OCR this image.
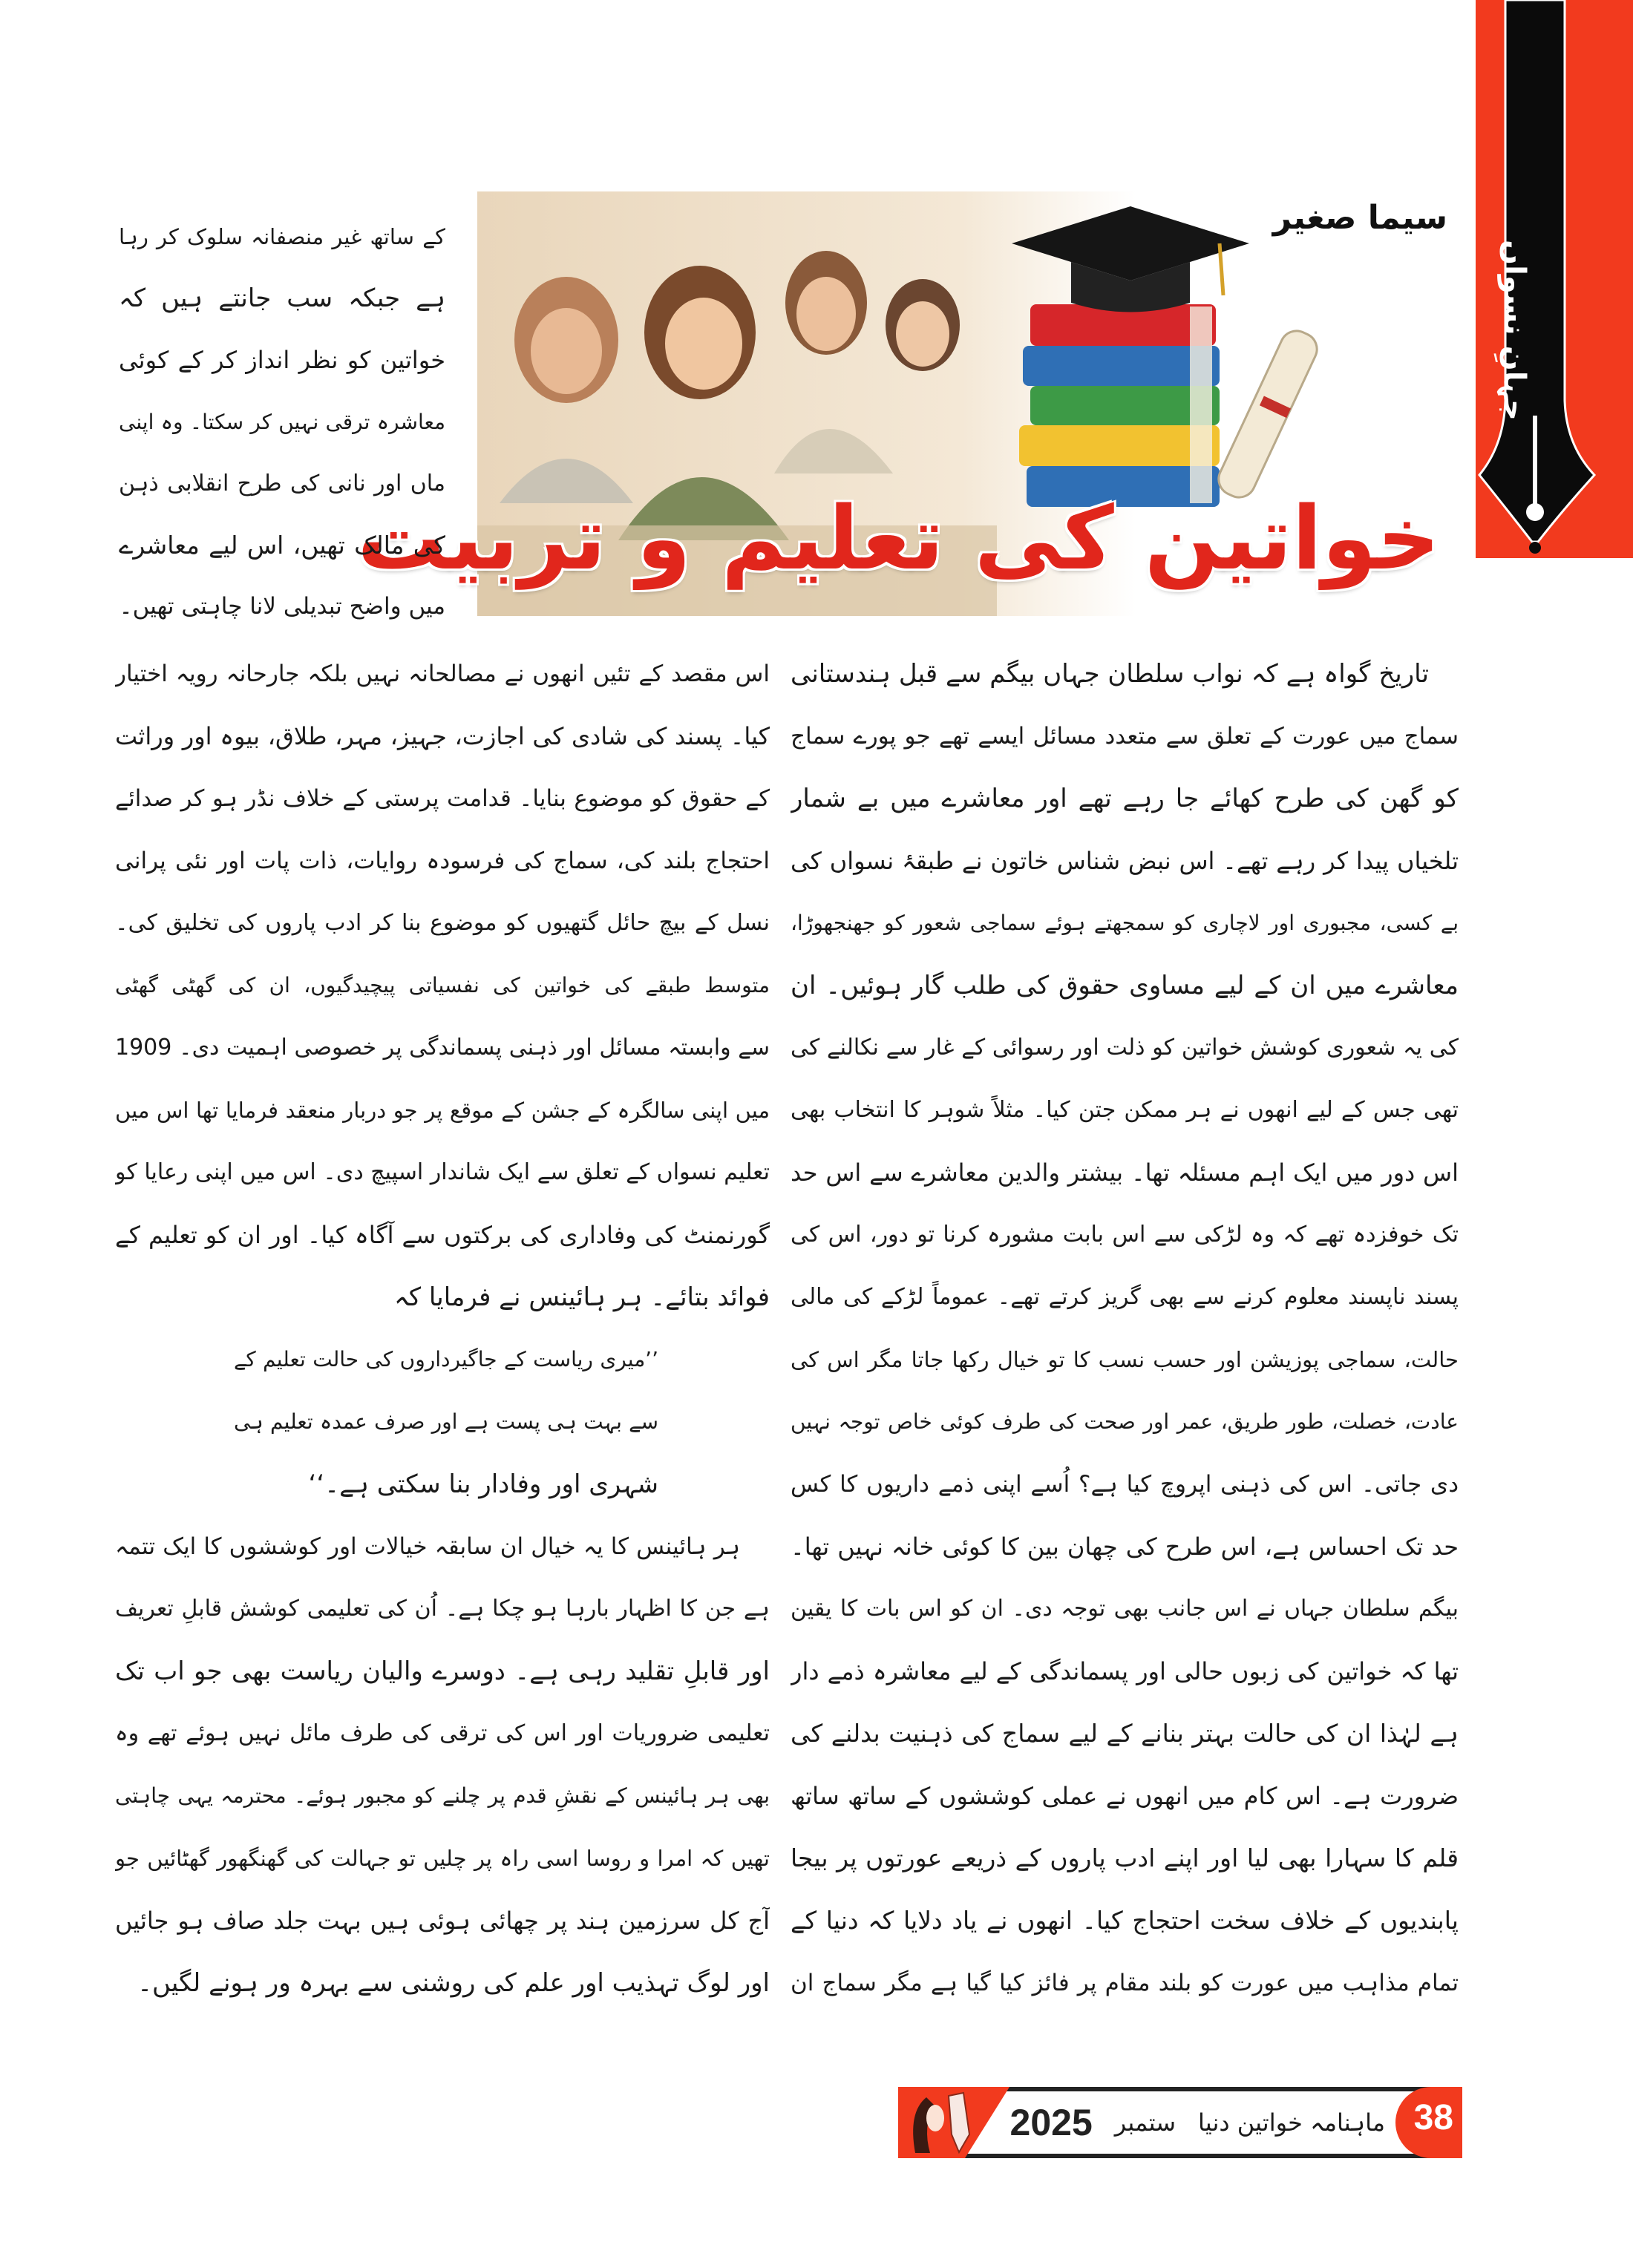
جہانِ نسواں
سیما صغیر
خواتین کی تعلیم و تربیت
کے ساتھ غیر منصفانہ سلوک کر رہا
ہے جبکہ سب جانتے ہیں کہ
خواتین کو نظر انداز کر کے کوئی
معاشرہ ترقی نہیں کر سکتا۔ وہ اپنی
ماں اور نانی کی طرح انقلابی ذہن
کی مالک تھیں، اس لیے معاشرے
میں واضح تبدیلی لانا چاہتی تھیں۔
تاریخ گواہ ہے کہ نواب سلطان جہاں بیگم سے قبل ہندستانی
سماج میں عورت کے تعلق سے متعدد مسائل ایسے تھے جو پورے سماج
کو گھن کی طرح کھائے جا رہے تھے اور معاشرے میں بے شمار
تلخیاں پیدا کر رہے تھے۔ اس نبض شناس خاتون نے طبقۂ نسواں کی
بے کسی، مجبوری اور لاچاری کو سمجھتے ہوئے سماجی شعور کو جھنجھوڑا،
معاشرے میں ان کے لیے مساوی حقوق کی طلب گار ہوئیں۔ ان
کی یہ شعوری کوشش خواتین کو ذلت اور رسوائی کے غار سے نکالنے کی
تھی جس کے لیے انھوں نے ہر ممکن جتن کیا۔ مثلاً شوہر کا انتخاب بھی
اس دور میں ایک اہم مسئلہ تھا۔ بیشتر والدین معاشرے سے اس حد
تک خوفزدہ تھے کہ وہ لڑکی سے اس بابت مشورہ کرنا تو دور، اس کی
پسند ناپسند معلوم کرنے سے بھی گریز کرتے تھے۔ عموماً لڑکے کی مالی
حالت، سماجی پوزیشن اور حسب نسب کا تو خیال رکھا جاتا مگر اس کی
عادت، خصلت، طور طریق، عمر اور صحت کی طرف کوئی خاص توجہ نہیں
دی جاتی۔ اس کی ذہنی اپروچ کیا ہے؟ اُسے اپنی ذمے داریوں کا کس
حد تک احساس ہے، اس طرح کی چھان بین کا کوئی خانہ نہیں تھا۔
بیگم سلطان جہاں نے اس جانب بھی توجہ دی۔ ان کو اس بات کا یقین
تھا کہ خواتین کی زبوں حالی اور پسماندگی کے لیے معاشرہ ذمے دار
ہے لہٰذا ان کی حالت بہتر بنانے کے لیے سماج کی ذہنیت بدلنے کی
ضرورت ہے۔ اس کام میں انھوں نے عملی کوششوں کے ساتھ ساتھ
قلم کا سہارا بھی لیا اور اپنے ادب پاروں کے ذریعے عورتوں پر بیجا
پابندیوں کے خلاف سخت احتجاج کیا۔ انھوں نے یاد دلایا کہ دنیا کے
تمام مذاہب میں عورت کو بلند مقام پر فائز کیا گیا ہے مگر سماج ان
اس مقصد کے تئیں انھوں نے مصالحانہ نہیں بلکہ جارحانہ رویہ اختیار
کیا۔ پسند کی شادی کی اجازت، جہیز، مہر، طلاق، بیوہ اور وراثت
کے حقوق کو موضوع بنایا۔ قدامت پرستی کے خلاف نڈر ہو کر صدائے
احتجاج بلند کی، سماج کی فرسودہ روایات، ذات پات اور نئی پرانی
نسل کے بیچ حائل گتھیوں کو موضوع بنا کر ادب پاروں کی تخلیق کی۔
متوسط طبقے کی خواتین کی نفسیاتی پیچیدگیوں، ان کی گھٹی گھٹی
سے وابستہ مسائل اور ذہنی پسماندگی پر خصوصی اہمیت دی۔ 1909
میں اپنی سالگرہ کے جشن کے موقع پر جو دربار منعقد فرمایا تھا اس میں
تعلیم نسواں کے تعلق سے ایک شاندار اسپیچ دی۔ اس میں اپنی رعایا کو
گورنمنٹ کی وفاداری کی برکتوں سے آگاہ کیا۔ اور ان کو تعلیم کے
فوائد بتائے۔ ہر ہائینس نے فرمایا کہ
’’میری ریاست کے جاگیرداروں کی حالت تعلیم کے
سے بہت ہی پست ہے اور صرف عمدہ تعلیم ہی
شہری اور وفادار بنا سکتی ہے۔‘‘
ہر ہائینس کا یہ خیال ان سابقہ خیالات اور کوششوں کا ایک تتمہ
ہے جن کا اظہار بارہا ہو چکا ہے۔ اُن کی تعلیمی کوشش قابلِ تعریف
اور قابلِ تقلید رہی ہے۔ دوسرے والیان ریاست بھی جو اب تک
تعلیمی ضروریات اور اس کی ترقی کی طرف مائل نہیں ہوئے تھے وہ
بھی ہر ہائینس کے نقشِ قدم پر چلنے کو مجبور ہوئے۔ محترمہ یہی چاہتی
تھیں کہ امرا و روسا اسی راہ پر چلیں تو جہالت کی گھنگھور گھٹائیں جو
آج کل سرزمین ہند پر چھائی ہوئی ہیں بہت جلد صاف ہو جائیں
اور لوگ تہذیب اور علم کی روشنی سے بہرہ ور ہونے لگیں۔
38
ماہنامہ خواتین دنیا
ستمبر
2025
